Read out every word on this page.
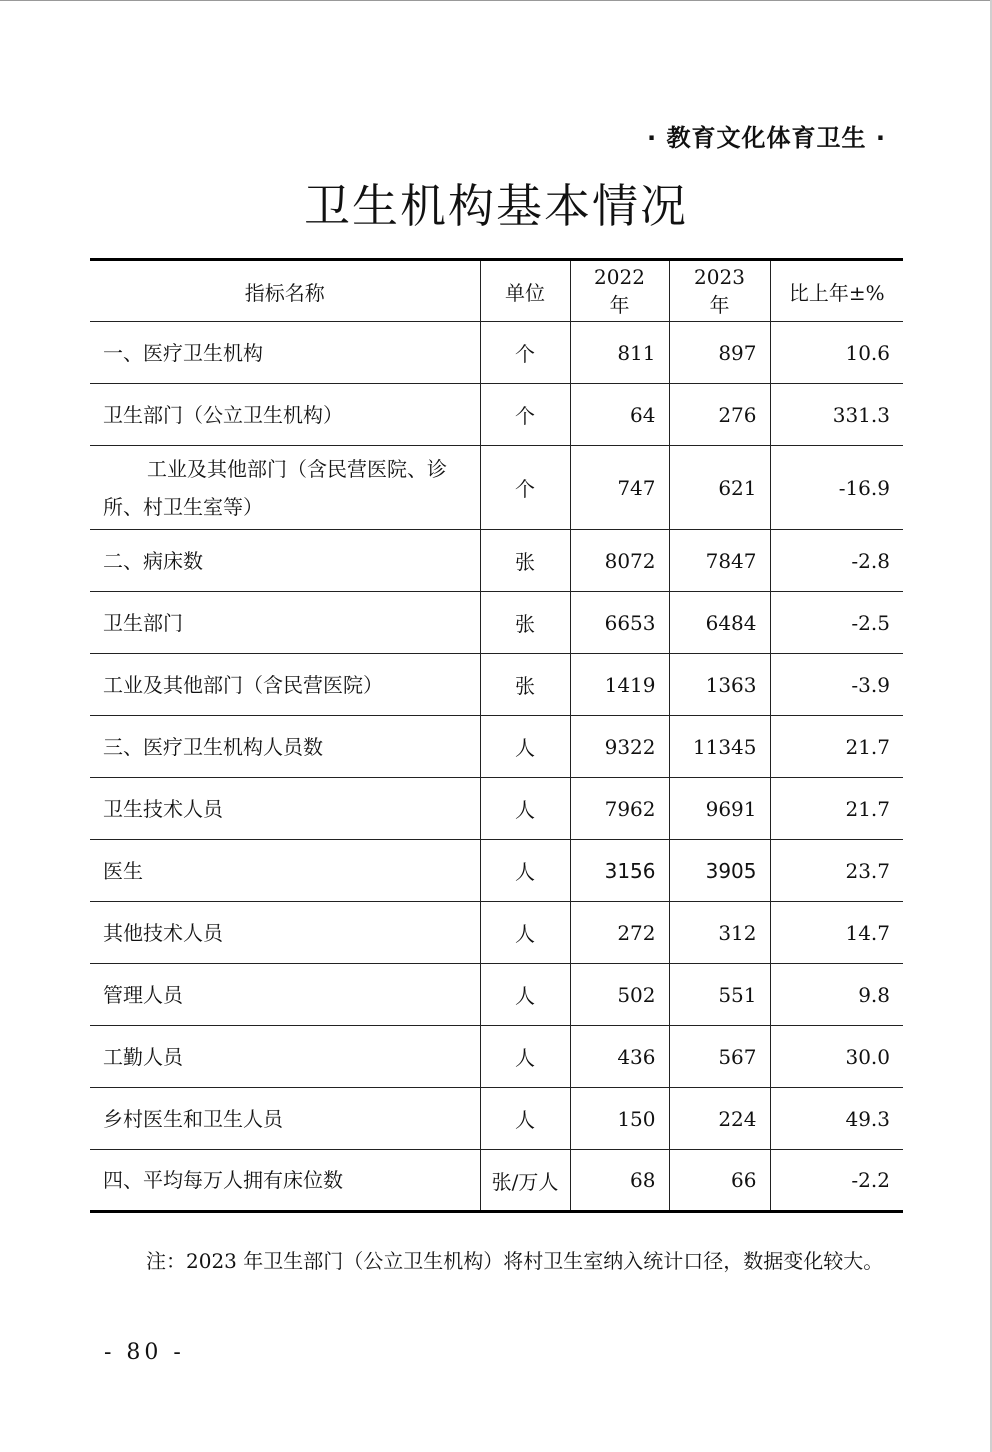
· 教育文化体育卫生 ·
卫生机构基本情况
指标名称	单位	2022 年	2023 年	比上年±%
一、医疗卫生机构	个	811	897	10.6
卫生部门（公立卫生机构）	个	64	276	331.3
工业及其他部门（含民营医院、诊所、村卫生室等）	个	747	621	-16.9
二、病床数	张	8072	7847	-2.8
卫生部门	张	6653	6484	-2.5
工业及其他部门（含民营医院）	张	1419	1363	-3.9
三、医疗卫生机构人员数	人	9322	11345	21.7
卫生技术人员	人	7962	9691	21.7
医生	人	3156	3905	23.7
其他技术人员	人	272	312	14.7
管理人员	人	502	551	9.8
工勤人员	人	436	567	30.0
乡村医生和卫生人员	人	150	224	49.3
四、平均每万人拥有床位数	张/万人	68	66	-2.2
注：2023 年卫生部门（公立卫生机构）将村卫生室纳入统计口径，数据变化较大。
- 80 -
